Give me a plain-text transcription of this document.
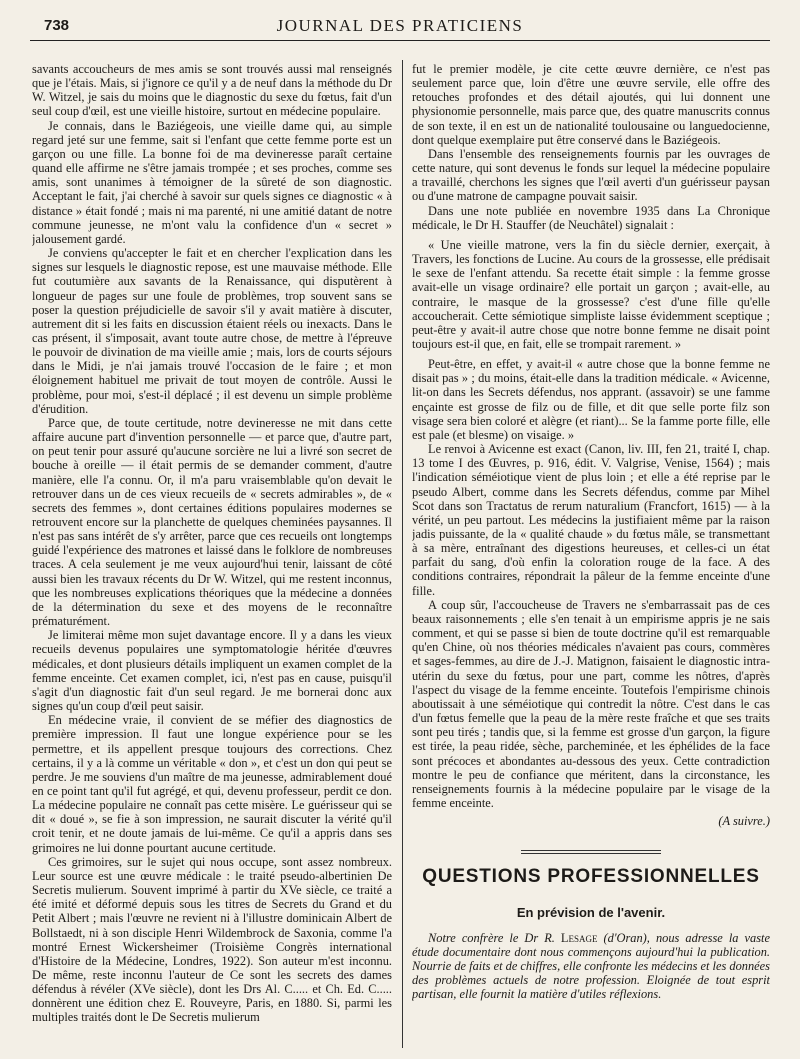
738	JOURNAL DES PRATICIENS

savants accoucheurs de mes amis se sont trouvés aussi mal renseignés que je l'étais. Mais, si j'ignore ce qu'il y a de neuf dans la méthode du Dr W. Witzel, je sais du moins que le diagnostic du sexe du fœtus, fait d'un seul coup d'œil, est une vieille histoire, surtout en médecine populaire.

Je connais, dans le Baziégeois, une vieille dame qui, au simple regard jeté sur une femme, sait si l'enfant que cette femme porte est un garçon ou une fille. La bonne foi de ma devineresse paraît certaine quand elle affirme ne s'être jamais trompée ; et ses proches, comme ses amis, sont unanimes à témoigner de la sûreté de son diagnostic. Acceptant le fait, j'ai cherché à savoir sur quels signes ce diagnostic « à distance » était fondé ; mais ni ma parenté, ni une amitié datant de notre commune jeunesse, ne m'ont valu la confidence d'un « secret » jalousement gardé.

Je conviens qu'accepter le fait et en chercher l'explication dans les signes sur lesquels le diagnostic repose, est une mauvaise méthode. Elle fut coutumière aux savants de la Renaissance, qui disputèrent à longueur de pages sur une foule de problèmes, trop souvent sans se poser la question préjudicielle de savoir s'il y avait matière à discuter, autrement dit si les faits en discussion étaient réels ou inexacts. Dans le cas présent, il s'imposait, avant toute autre chose, de mettre à l'épreuve le pouvoir de divination de ma vieille amie ; mais, lors de courts séjours dans le Midi, je n'ai jamais trouvé l'occasion de le faire ; et mon éloignement habituel me privait de tout moyen de contrôle. Aussi le problème, pour moi, s'est-il déplacé ; il est devenu un simple problème d'érudition.

Parce que, de toute certitude, notre devineresse ne mit dans cette affaire aucune part d'invention personnelle — et parce que, d'autre part, on peut tenir pour assuré qu'aucune sorcière ne lui a livré son secret de bouche à oreille — il était permis de se demander comment, d'autre manière, elle l'a connu. Or, il m'a paru vraisemblable qu'on devait le retrouver dans un de ces vieux recueils de « secrets admirables », de « secrets des femmes », dont certaines éditions populaires modernes se retrouvent encore sur la planchette de quelques cheminées paysannes. Il n'est pas sans intérêt de s'y arrêter, parce que ces recueils ont longtemps guidé l'expérience des matrones et laissé dans le folklore de nombreuses traces. A cela seulement je me veux aujourd'hui tenir, laissant de côté aussi bien les travaux récents du Dr W. Witzel, qui me restent inconnus, que les nombreuses explications théoriques que la médecine a données de la détermination du sexe et des moyens de le reconnaître prématurément.

Je limiterai même mon sujet davantage encore. Il y a dans les vieux recueils devenus populaires une symptomatologie héritée d'œuvres médicales, et dont plusieurs détails impliquent un examen complet de la femme enceinte. Cet examen complet, ici, n'est pas en cause, puisqu'il s'agit d'un diagnostic fait d'un seul regard. Je me bornerai donc aux signes qu'un coup d'œil peut saisir.

En médecine vraie, il convient de se méfier des diagnostics de première impression. Il faut une longue expérience pour se les permettre, et ils appellent presque toujours des corrections. Chez certains, il y a là comme un véritable « don », et c'est un don qui peut se perdre. Je me souviens d'un maître de ma jeunesse, admirablement doué en ce point tant qu'il fut agrégé, et qui, devenu professeur, perdit ce don. La médecine populaire ne connaît pas cette misère. Le guérisseur qui se dit « doué », se fie à son impression, ne saurait discuter la vérité qu'il croit tenir, et ne doute jamais de lui-même. Ce qu'il a appris dans ses grimoires ne lui donne pourtant aucune certitude.

Ces grimoires, sur le sujet qui nous occupe, sont assez nombreux. Leur source est une œuvre médicale : le traité pseudo-albertinien De Secretis mulierum. Souvent imprimé à partir du XVe siècle, ce traité a été imité et déformé depuis sous les titres de Secrets du Grand et du Petit Albert ; mais l'œuvre ne revient ni à l'illustre dominicain Albert de Bollstaedt, ni à son disciple Henri Wildembrock de Saxonia, comme l'a montré Ernest Wickersheimer (Troisième Congrès international d'Histoire de la Médecine, Londres, 1922). Son auteur m'est inconnu. De même, reste inconnu l'auteur de Ce sont les secrets des dames défendus à révéler (XVe siècle), dont les Drs Al. C..... et Ch. Ed. C..... donnèrent une édition chez E. Rouveyre, Paris, en 1880. Si, parmi les multiples traités dont le De Secretis mulierum

fut le premier modèle, je cite cette œuvre dernière, ce n'est pas seulement parce que, loin d'être une œuvre servile, elle offre des retouches profondes et des détail ajoutés, qui lui donnent une physionomie personnelle, mais parce que, des quatre manuscrits connus de son texte, il en est un de nationalité toulousaine ou languedocienne, dont quelque exemplaire put être conservé dans le Baziégeois.

Dans l'ensemble des renseignements fournis par les ouvrages de cette nature, qui sont devenus le fonds sur lequel la médecine populaire a travaillé, cherchons les signes que l'œil averti d'un guérisseur paysan ou d'une matrone de campagne pouvait saisir.

Dans une note publiée en novembre 1935 dans La Chronique médicale, le Dr H. Stauffer (de Neuchâtel) signalait :

« Une vieille matrone, vers la fin du siècle dernier, exerçait, à Travers, les fonctions de Lucine. Au cours de la grossesse, elle prédisait le sexe de l'enfant attendu. Sa recette était simple : la femme grosse avait-elle un visage ordinaire? elle portait un garçon ; avait-elle, au contraire, le masque de la grossesse? c'est d'une fille qu'elle accoucherait. Cette sémiotique simpliste laisse évidemment sceptique ; peut-être y avait-il autre chose que notre bonne femme ne disait point toujours est-il que, en fait, elle se trompait rarement. »

Peut-être, en effet, y avait-il « autre chose que la bonne femme ne disait pas » ; du moins, était-elle dans la tradition médicale. « Avicenne, lit-on dans les Secrets défendus, nos apprant. (assavoir) se une famme ençainte est grosse de filz ou de fille, et dit que selle porte filz son visage sera bien coloré et alègre (et riant)... Se la famme porte fille, elle est pale (et blesme) on visaige. »

Le renvoi à Avicenne est exact (Canon, liv. III, fen 21, traité I, chap. 13 tome I des Œuvres, p. 916, édit. V. Valgrise, Venise, 1564) ; mais l'indication séméiotique vient de plus loin ; et elle a été reprise par le pseudo Albert, comme dans les Secrets défendus, comme par Mihel Scot dans son Tractatus de rerum naturalium (Francfort, 1615) — à la vérité, un peu partout. Les médecins la justifiaient même par la raison jadis puissante, de la « qualité chaude » du fœtus mâle, se transmettant à sa mère, entraînant des digestions heureuses, et celles-ci un état parfait du sang, d'où enfin la coloration rouge de la face. A des conditions contraires, répondrait la pâleur de la femme enceinte d'une fille.

A coup sûr, l'accoucheuse de Travers ne s'embarrassait pas de ces beaux raisonnements ; elle s'en tenait à un empirisme appris je ne sais comment, et qui se passe si bien de toute doctrine qu'il est remarquable qu'en Chine, où nos théories médicales n'avaient pas cours, commères et sages-femmes, au dire de J.-J. Matignon, faisaient le diagnostic intra-utérin du sexe du fœtus, pour une part, comme les nôtres, d'après l'aspect du visage de la femme enceinte. Toutefois l'empirisme chinois aboutissait à une séméiotique qui contredit la nôtre. C'est dans le cas d'un fœtus femelle que la peau de la mère reste fraîche et que ses traits sont peu tirés ; tandis que, si la femme est grosse d'un garçon, la figure est tirée, la peau ridée, sèche, parcheminée, et les éphélides de la face sont précoces et abondantes au-dessous des yeux. Cette contradiction montre le peu de confiance que méritent, dans la circonstance, les renseignements fournis à la médecine populaire par le visage de la femme enceinte.

(A suivre.)

QUESTIONS PROFESSIONNELLES
En prévision de l'avenir.

Notre confrère le Dr R. Lesage (d'Oran), nous adresse la vaste étude documentaire dont nous commençons aujourd'hui la publication. Nourrie de faits et de chiffres, elle confronte les médecins et les données des problèmes actuels de notre profession. Eloignée de tout esprit partisan, elle fournit la matière d'utiles réflexions.
